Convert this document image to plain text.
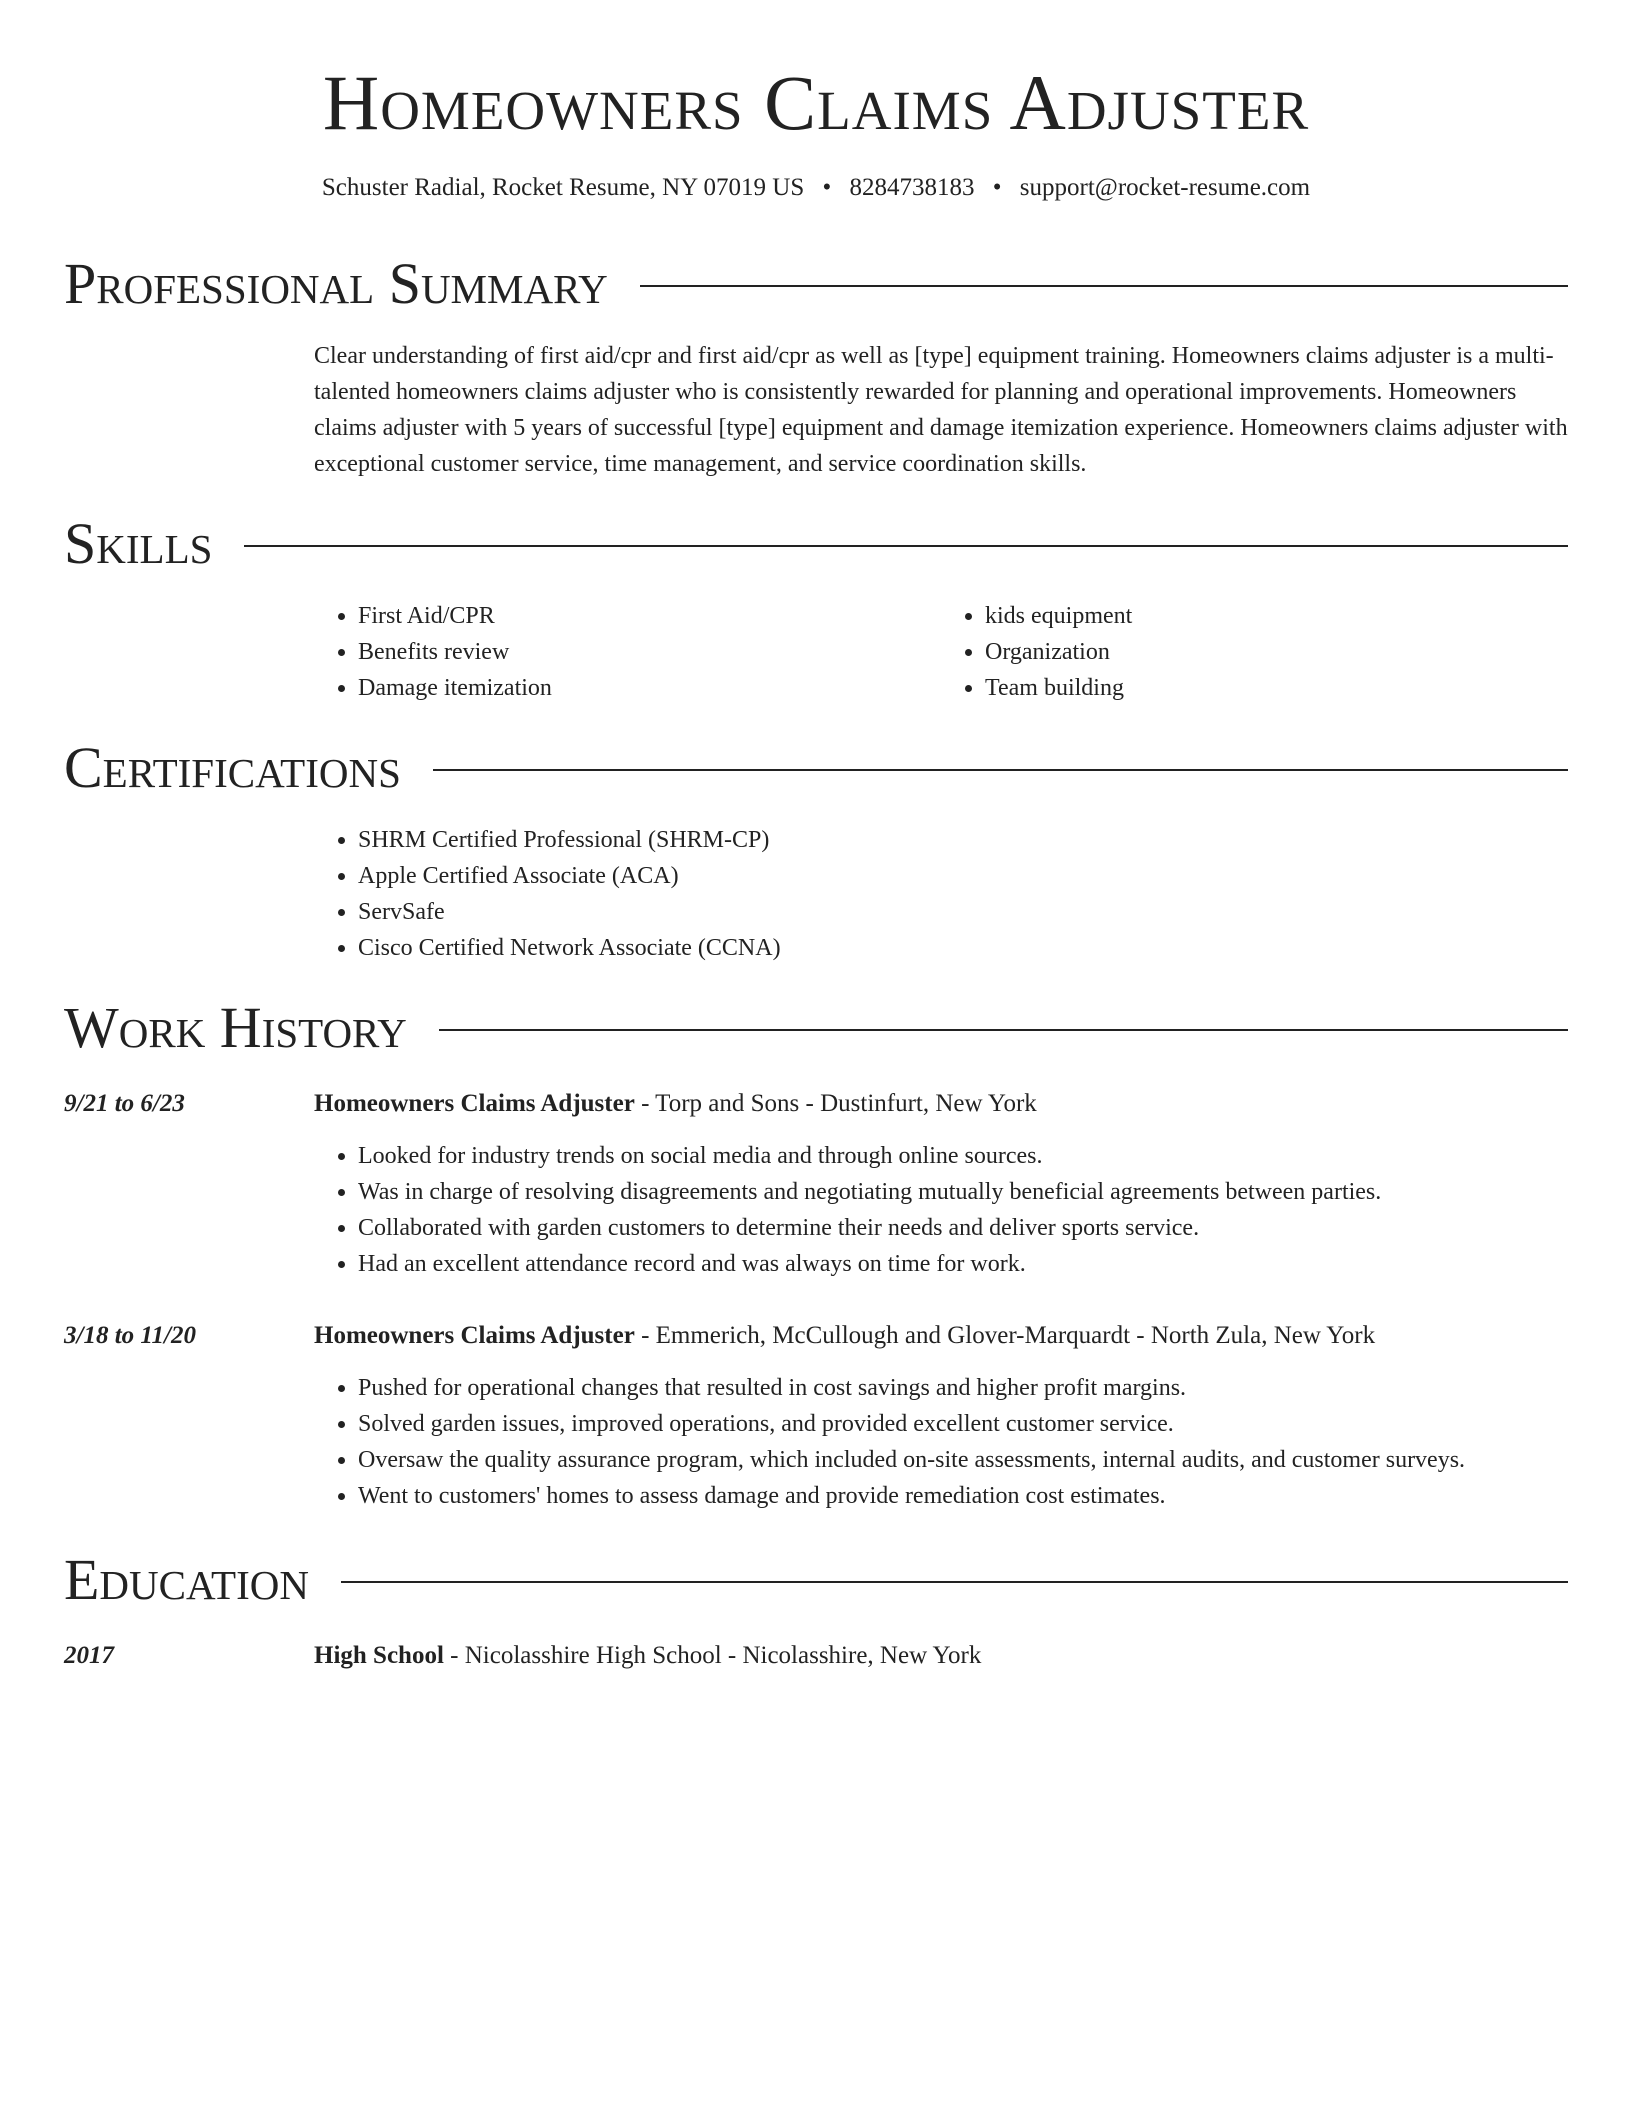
Homeowners Claims Adjuster
Schuster Radial, Rocket Resume, NY 07019 US • 8284738183 • support@rocket-resume.com
Professional Summary
Clear understanding of first aid/cpr and first aid/cpr as well as [type] equipment training. Homeowners claims adjuster is a multi-talented homeowners claims adjuster who is consistently rewarded for planning and operational improvements. Homeowners claims adjuster with 5 years of successful [type] equipment and damage itemization experience. Homeowners claims adjuster with exceptional customer service, time management, and service coordination skills.
Skills
• First Aid/CPR
• Benefits review
• Damage itemization
• kids equipment
• Organization
• Team building
Certifications
• SHRM Certified Professional (SHRM-CP)
• Apple Certified Associate (ACA)
• ServSafe
• Cisco Certified Network Associate (CCNA)
Work History
9/21 to 6/23	Homeowners Claims Adjuster - Torp and Sons - Dustinfurt, New York
• Looked for industry trends on social media and through online sources.
• Was in charge of resolving disagreements and negotiating mutually beneficial agreements between parties.
• Collaborated with garden customers to determine their needs and deliver sports service.
• Had an excellent attendance record and was always on time for work.
3/18 to 11/20	Homeowners Claims Adjuster - Emmerich, McCullough and Glover-Marquardt - North Zula, New York
• Pushed for operational changes that resulted in cost savings and higher profit margins.
• Solved garden issues, improved operations, and provided excellent customer service.
• Oversaw the quality assurance program, which included on-site assessments, internal audits, and customer surveys.
• Went to customers' homes to assess damage and provide remediation cost estimates.
Education
2017	High School - Nicolasshire High School - Nicolasshire, New York
